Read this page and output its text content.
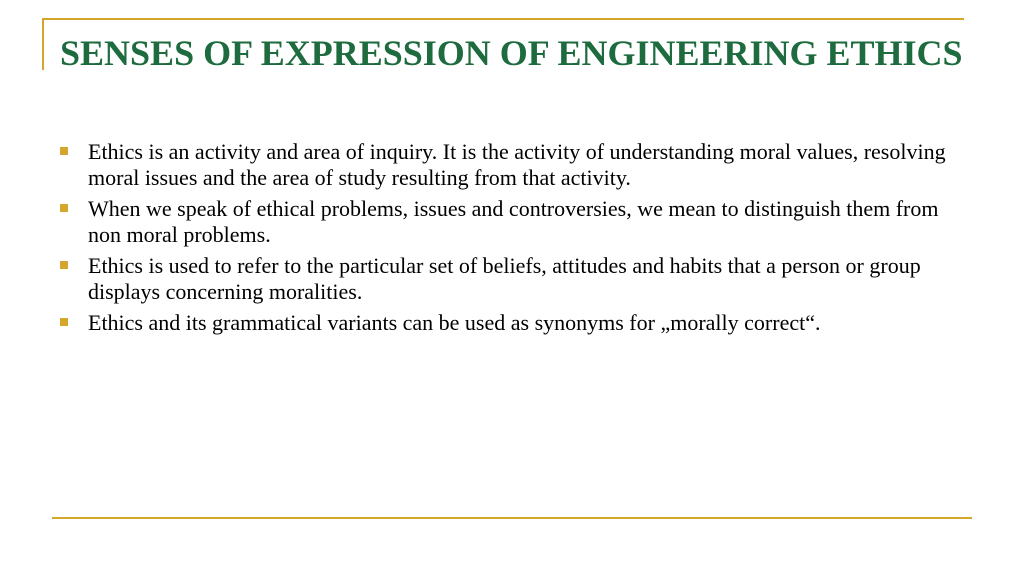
SENSES OF EXPRESSION OF ENGINEERING ETHICS
Ethics is an activity and area of inquiry. It is the activity of understanding moral values, resolving moral issues and the area of study resulting from that activity.
When we speak of ethical problems, issues and controversies, we mean to distinguish them from non moral problems.
Ethics is used to refer to the particular set of beliefs, attitudes and habits that a person or group displays concerning moralities.
Ethics and its grammatical variants can be used as synonyms for „morally correct“.
